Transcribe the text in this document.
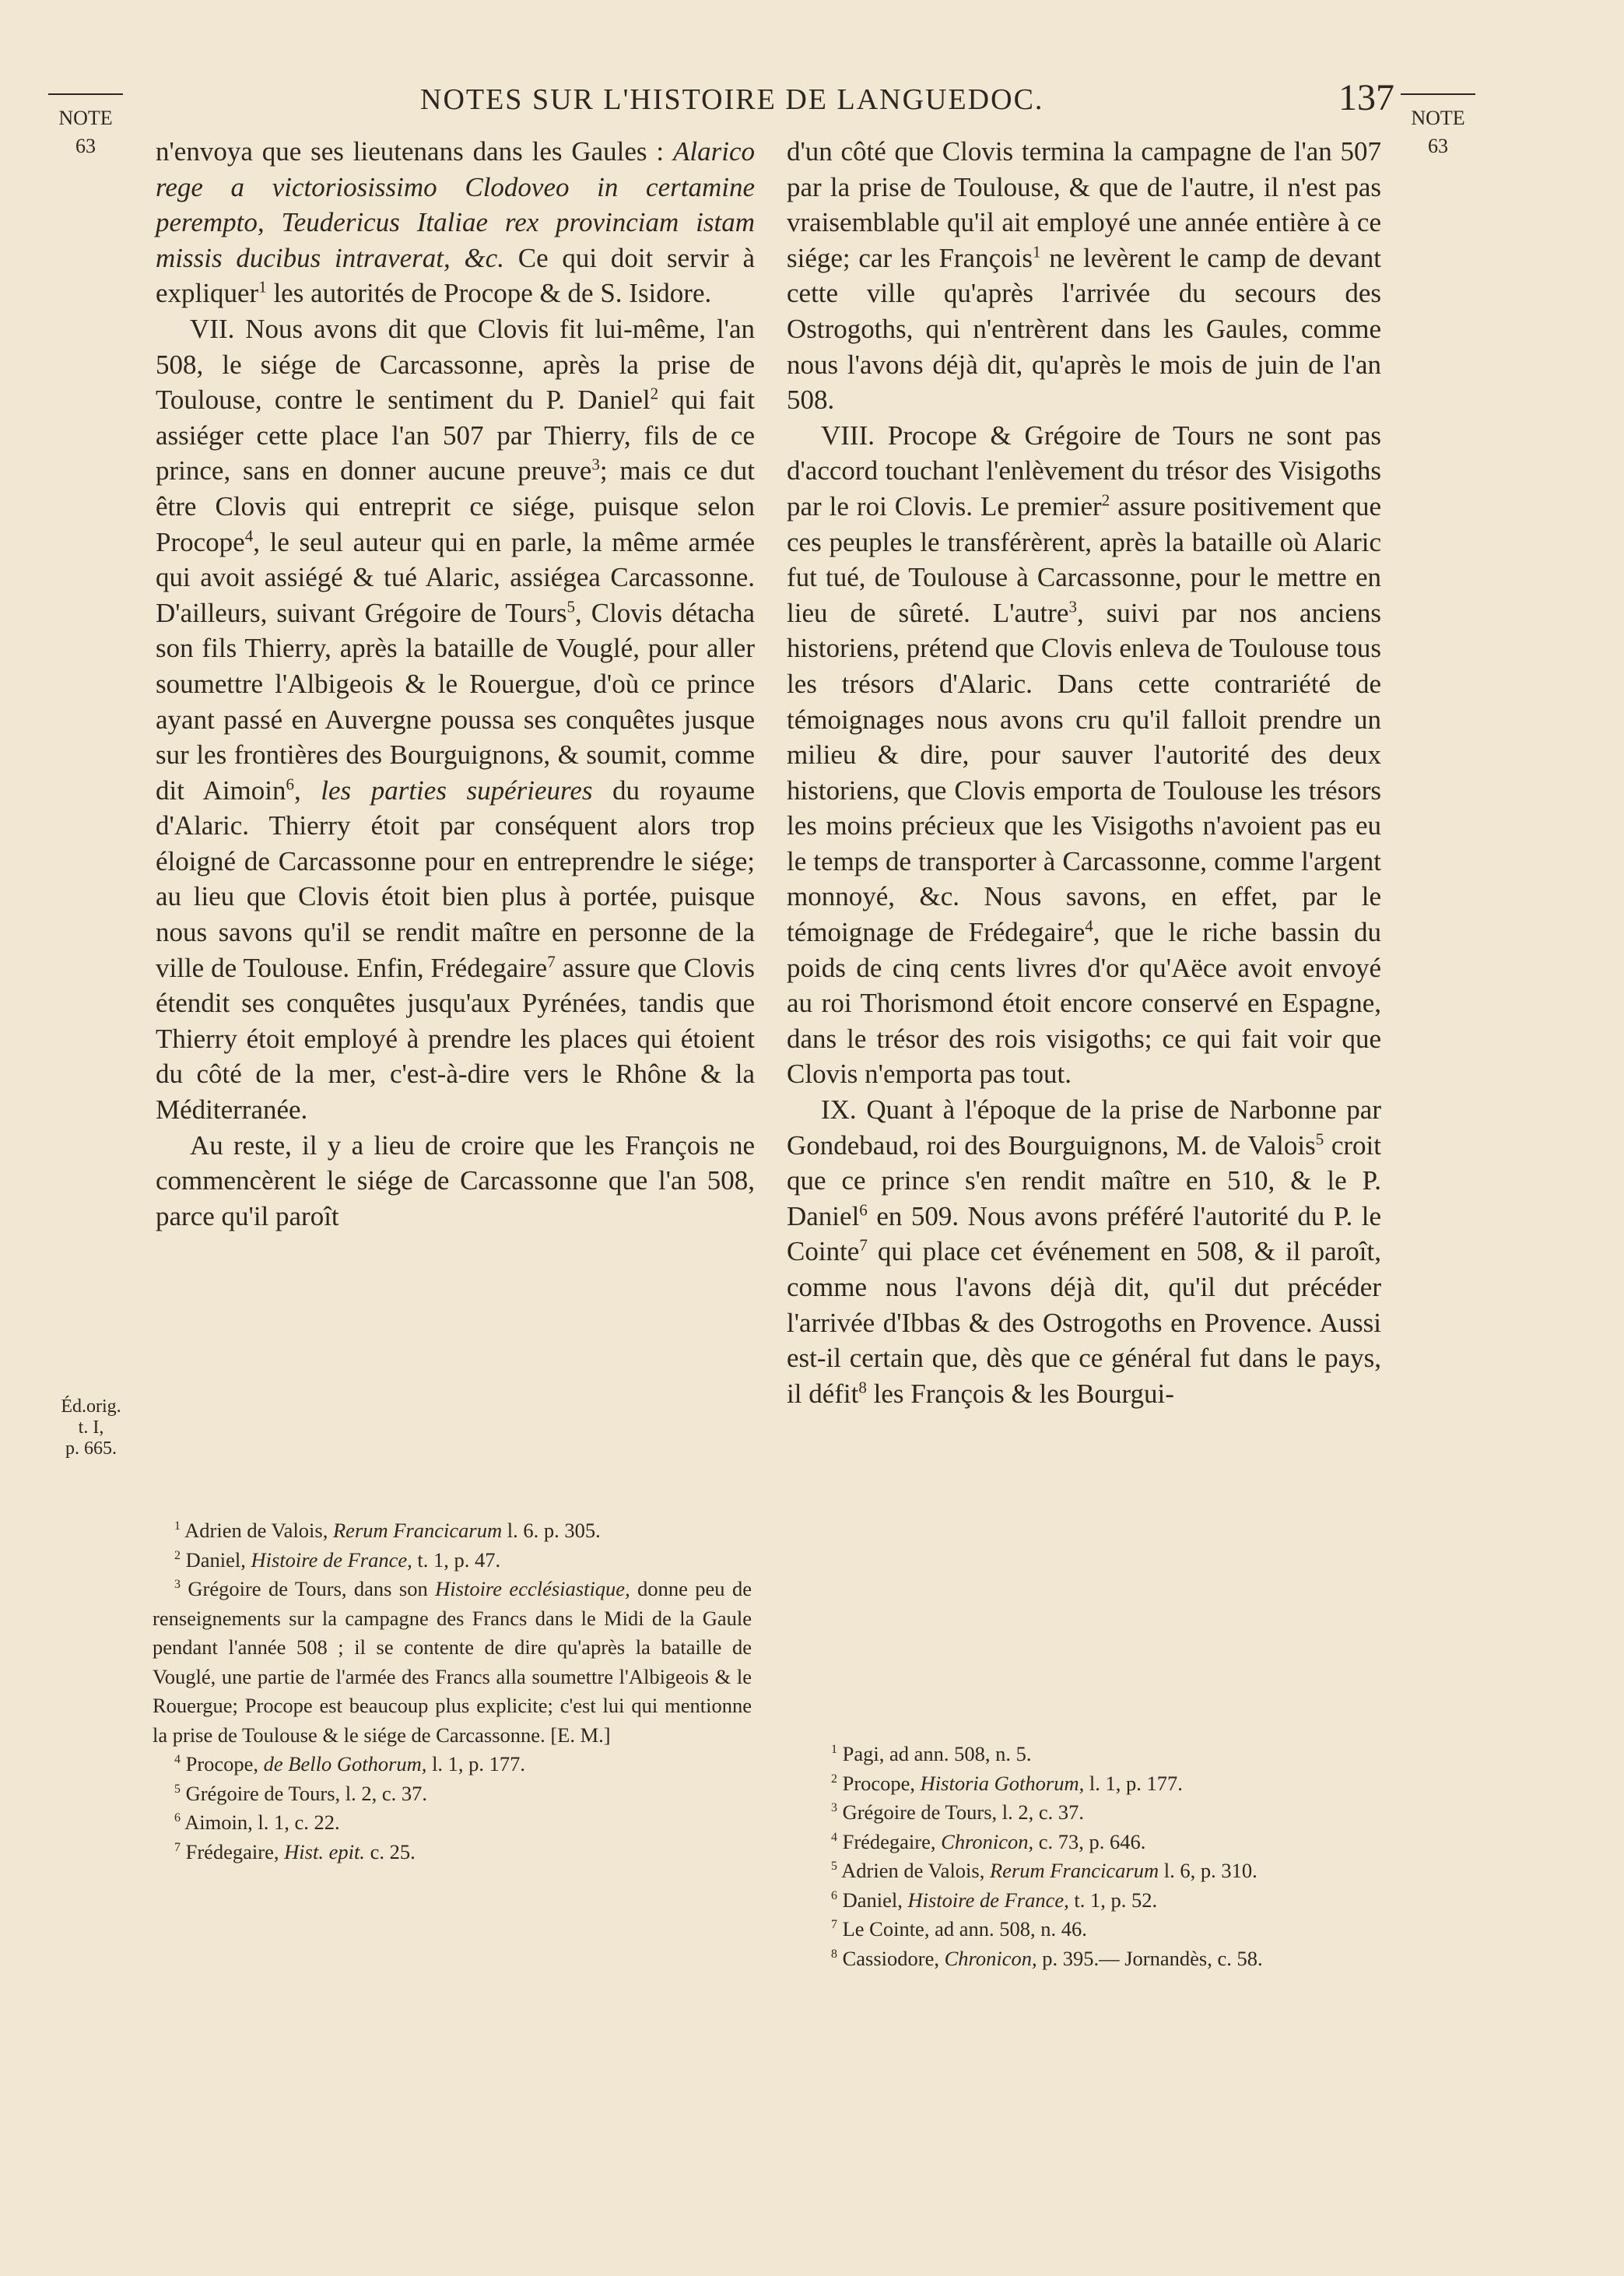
NOTES SUR L'HISTOIRE DE LANGUEDOC.	137
NOTE
63
NOTE
63
Éd.orig.
t. I,
p. 665.

n'envoya que ses lieutenans dans les Gaules : Alarico rege a victoriosissimo Clodoveo in certamine perempto, Teudericus Italiae rex provinciam istam missis ducibus intraverat, &c. Ce qui doit servir à expliquer$^1$ les autorités de Procope & de S. Isidore.

VII. Nous avons dit que Clovis fit lui-même, l'an 508, le siége de Carcassonne, après la prise de Toulouse, contre le sentiment du P. Daniel$^2$ qui fait assiéger cette place l'an 507 par Thierry, fils de ce prince, sans en donner aucune preuve$^3$; mais ce dut être Clovis qui entreprit ce siége, puisque selon Procope$^4$, le seul auteur qui en parle, la même armée qui avoit assiégé & tué Alaric, assiégea Carcassonne. D'ailleurs, suivant Grégoire de Tours$^5$, Clovis détacha son fils Thierry, après la bataille de Vouglé, pour aller soumettre l'Albigeois & le Rouergue, d'où ce prince ayant passé en Auvergne poussa ses conquêtes jusque sur les frontières des Bourguignons, & soumit, comme dit Aimoin$^6$, les parties supérieures du royaume d'Alaric. Thierry étoit par conséquent alors trop éloigné de Carcassonne pour en entreprendre le siége; au lieu que Clovis étoit bien plus à portée, puisque nous savons qu'il se rendit maître en personne de la ville de Toulouse. Enfin, Frédegaire$^7$ assure que Clovis étendit ses conquêtes jusqu'aux Pyrénées, tandis que Thierry étoit employé à prendre les places qui étoient du côté de la mer, c'est-à-dire vers le Rhône & la Méditerranée.

Au reste, il y a lieu de croire que les François ne commencèrent le siége de Carcassonne que l'an 508, parce qu'il paroît

d'un côté que Clovis termina la campagne de l'an 507 par la prise de Toulouse, & que de l'autre, il n'est pas vraisemblable qu'il ait employé une année entière à ce siége; car les François$^1$ ne levèrent le camp de devant cette ville qu'après l'arrivée du secours des Ostrogoths, qui n'entrèrent dans les Gaules, comme nous l'avons déjà dit, qu'après le mois de juin de l'an 508.

VIII. Procope & Grégoire de Tours ne sont pas d'accord touchant l'enlèvement du trésor des Visigoths par le roi Clovis. Le premier$^2$ assure positivement que ces peuples le transférèrent, après la bataille où Alaric fut tué, de Toulouse à Carcassonne, pour le mettre en lieu de sûreté. L'autre$^3$, suivi par nos anciens historiens, prétend que Clovis enleva de Toulouse tous les trésors d'Alaric. Dans cette contrariété de témoignages nous avons cru qu'il falloit prendre un milieu & dire, pour sauver l'autorité des deux historiens, que Clovis emporta de Toulouse les trésors les moins précieux que les Visigoths n'avoient pas eu le temps de transporter à Carcassonne, comme l'argent monnoyé, &c. Nous savons, en effet, par le témoignage de Frédegaire$^4$, que le riche bassin du poids de cinq cents livres d'or qu'Aëce avoit envoyé au roi Thorismond étoit encore conservé en Espagne, dans le trésor des rois visigoths; ce qui fait voir que Clovis n'emporta pas tout.

IX. Quant à l'époque de la prise de Narbonne par Gondebaud, roi des Bourguignons, M. de Valois$^5$ croit que ce prince s'en rendit maître en 510, & le P. Daniel$^6$ en 509. Nous avons préféré l'autorité du P. le Cointe$^7$ qui place cet événement en 508, & il paroît, comme nous l'avons déjà dit, qu'il dut précéder l'arrivée d'Ibbas & des Ostrogoths en Provence. Aussi est-il certain que, dès que ce général fut dans le pays, il défit$^8$ les François & les Bourgui-

$^1$ Adrien de Valois, Rerum Francicarum l. 6. p. 305.

$^2$ Daniel, Histoire de France, t. 1, p. 47.

$^3$ Grégoire de Tours, dans son Histoire ecclésiastique, donne peu de renseignements sur la campagne des Francs dans le Midi de la Gaule pendant l'année 508 ; il se contente de dire qu'après la bataille de Vouglé, une partie de l'armée des Francs alla soumettre l'Albigeois & le Rouergue; Procope est beaucoup plus explicite; c'est lui qui mentionne la prise de Toulouse & le siége de Carcassonne. [E. M.]

$^4$ Procope, de Bello Gothorum, l. 1, p. 177.

$^5$ Grégoire de Tours, l. 2, c. 37.

$^6$ Aimoin, l. 1, c. 22.

$^7$ Frédegaire, Hist. epit. c. 25.

$^1$ Pagi, ad ann. 508, n. 5.

$^2$ Procope, Historia Gothorum, l. 1, p. 177.

$^3$ Grégoire de Tours, l. 2, c. 37.

$^4$ Frédegaire, Chronicon, c. 73, p. 646.

$^5$ Adrien de Valois, Rerum Francicarum l. 6, p. 310.

$^6$ Daniel, Histoire de France, t. 1, p. 52.

$^7$ Le Cointe, ad ann. 508, n. 46.

$^8$ Cassiodore, Chronicon, p. 395.— Jornandès, c. 58.
